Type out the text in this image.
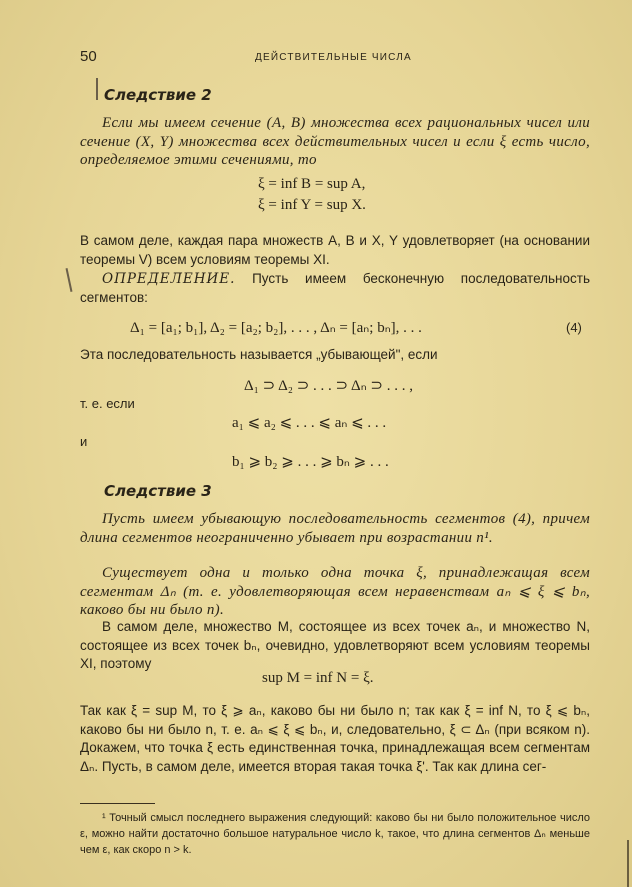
50	ДЕЙСТВИТЕЛЬНЫЕ ЧИСЛА
Следствие 2
Если мы имеем сечение (A, B) множества всех рациональных чисел или сечение (X, Y) множества всех действительных чисел и если ξ есть число, определяемое этими сечениями, то
ξ = inf B = sup A,
ξ = inf Y = sup X.
В самом деле, каждая пара множеств A, B и X, Y удовлетворяет (на основании теоремы V) всем условиям теоремы XI.
ОПРЕДЕЛЕНИЕ. Пусть имеем бесконечную последовательность сегментов:
Δ₁ = [a₁; b₁], Δ₂ = [a₂; b₂], . . . , Δₙ = [aₙ; bₙ], . . .	(4)
Эта последовательность называется „убывающей", если
Δ₁ ⊃ Δ₂ ⊃ . . . ⊃ Δₙ ⊃ . . . ,
т. е. если
a₁ ⩽ a₂ ⩽ . . . ⩽ aₙ ⩽ . . .
и
b₁ ⩾ b₂ ⩾ . . . ⩾ bₙ ⩾ . . .
Следствие 3
Пусть имеем убывающую последовательность сегментов (4), причем длина сегментов неограниченно убывает при возрастании n¹.
Существует одна и только одна точка ξ, принадлежащая всем сегментам Δₙ (т. е. удовлетворяющая всем неравенствам aₙ ⩽ ξ ⩽ bₙ, каково бы ни было n).
В самом деле, множество M, состоящее из всех точек aₙ, и множество N, состоящее из всех точек bₙ, очевидно, удовлетворяют всем условиям теоремы XI, поэтому
sup M = inf N = ξ.
Так как ξ = sup M, то ξ ⩾ aₙ, каково бы ни было n; так как ξ = inf N, то ξ ⩽ bₙ, каково бы ни было n, т. е. aₙ ⩽ ξ ⩽ bₙ, и, следовательно, ξ ⊂ Δₙ (при всяком n). Докажем, что точка ξ есть единственная точка, принадлежащая всем сегментам Δₙ. Пусть, в самом деле, имеется вторая такая точка ξ'. Так как длина сег-
¹ Точный смысл последнего выражения следующий: каково бы ни было положительное число ε, можно найти достаточно большое натуральное число k, такое, что длина сегментов Δₙ меньше чем ε, как скоро n > k.
